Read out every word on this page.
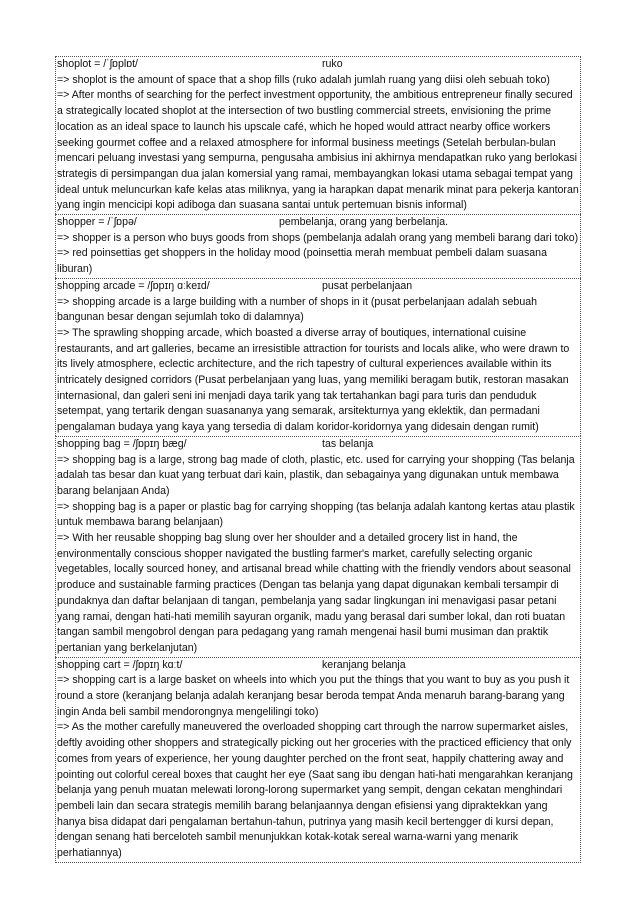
shoplot = /ˈʃɒplɒt/	ruko

=> shoplot is the amount of space that a shop fills (ruko adalah jumlah ruang yang diisi oleh sebuah toko)

=> After months of searching for the perfect investment opportunity, the ambitious entrepreneur finally secured a strategically located shoplot at the intersection of two bustling commercial streets, envisioning the prime location as an ideal space to launch his upscale café, which he hoped would attract nearby office workers seeking gourmet coffee and a relaxed atmosphere for informal business meetings (Setelah berbulan-bulan mencari peluang investasi yang sempurna, pengusaha ambisius ini akhirnya mendapatkan ruko yang berlokasi strategis di persimpangan dua jalan komersial yang ramai, membayangkan lokasi utama sebagai tempat yang ideal untuk meluncurkan kafe kelas atas miliknya, yang ia harapkan dapat menarik minat para pekerja kantoran yang ingin mencicipi kopi adiboga dan suasana santai untuk pertemuan bisnis informal)

shopper = /ˈʃɒpə/	pembelanja, orang yang berbelanja.

=> shopper is a person who buys goods from shops (pembelanja adalah orang yang membeli barang dari toko)

=> red poinsettias get shoppers in the holiday mood (poinsettia merah membuat pembeli dalam suasana liburan)

shopping arcade = /ʃɒpɪŋ ɑːkeɪd/	pusat perbelanjaan

=> shopping arcade is a large building with a number of shops in it (pusat perbelanjaan adalah sebuah bangunan besar dengan sejumlah toko di dalamnya)

=> The sprawling shopping arcade, which boasted a diverse array of boutiques, international cuisine restaurants, and art galleries, became an irresistible attraction for tourists and locals alike, who were drawn to its lively atmosphere, eclectic architecture, and the rich tapestry of cultural experiences available within its intricately designed corridors (Pusat perbelanjaan yang luas, yang memiliki beragam butik, restoran masakan internasional, dan galeri seni ini menjadi daya tarik yang tak tertahankan bagi para turis dan penduduk setempat, yang tertarik dengan suasananya yang semarak, arsitekturnya yang eklektik, dan permadani pengalaman budaya yang kaya yang tersedia di dalam koridor-koridornya yang didesain dengan rumit)

shopping bag = /ʃɒpɪŋ bæg/	tas belanja

=> shopping bag is a large, strong bag made of cloth, plastic, etc. used for carrying your shopping (Tas belanja adalah tas besar dan kuat yang terbuat dari kain, plastik, dan sebagainya yang digunakan untuk membawa barang belanjaan Anda)

=> shopping bag is a paper or plastic bag for carrying shopping (tas belanja adalah kantong kertas atau plastik untuk membawa barang belanjaan)

=> With her reusable shopping bag slung over her shoulder and a detailed grocery list in hand, the environmentally conscious shopper navigated the bustling farmer's market, carefully selecting organic vegetables, locally sourced honey, and artisanal bread while chatting with the friendly vendors about seasonal produce and sustainable farming practices (Dengan tas belanja yang dapat digunakan kembali tersampir di pundaknya dan daftar belanjaan di tangan, pembelanja yang sadar lingkungan ini menavigasi pasar petani yang ramai, dengan hati-hati memilih sayuran organik, madu yang berasal dari sumber lokal, dan roti buatan tangan sambil mengobrol dengan para pedagang yang ramah mengenai hasil bumi musiman dan praktik pertanian yang berkelanjutan)

shopping cart = /ʃɒpɪŋ kɑːt/	keranjang belanja

=> shopping cart is a large basket on wheels into which you put the things that you want to buy as you push it round a store (keranjang belanja adalah keranjang besar beroda tempat Anda menaruh barang-barang yang ingin Anda beli sambil mendorongnya mengelilingi toko)

=> As the mother carefully maneuvered the overloaded shopping cart through the narrow supermarket aisles, deftly avoiding other shoppers and strategically picking out her groceries with the practiced efficiency that only comes from years of experience, her young daughter perched on the front seat, happily chattering away and pointing out colorful cereal boxes that caught her eye (Saat sang ibu dengan hati-hati mengarahkan keranjang belanja yang penuh muatan melewati lorong-lorong supermarket yang sempit, dengan cekatan menghindari pembeli lain dan secara strategis memilih barang belanjaannya dengan efisiensi yang dipraktekkan yang hanya bisa didapat dari pengalaman bertahun-tahun, putrinya yang masih kecil bertengger di kursi depan, dengan senang hati berceloteh sambil menunjukkan kotak-kotak sereal warna-warni yang menarik perhatiannya)
